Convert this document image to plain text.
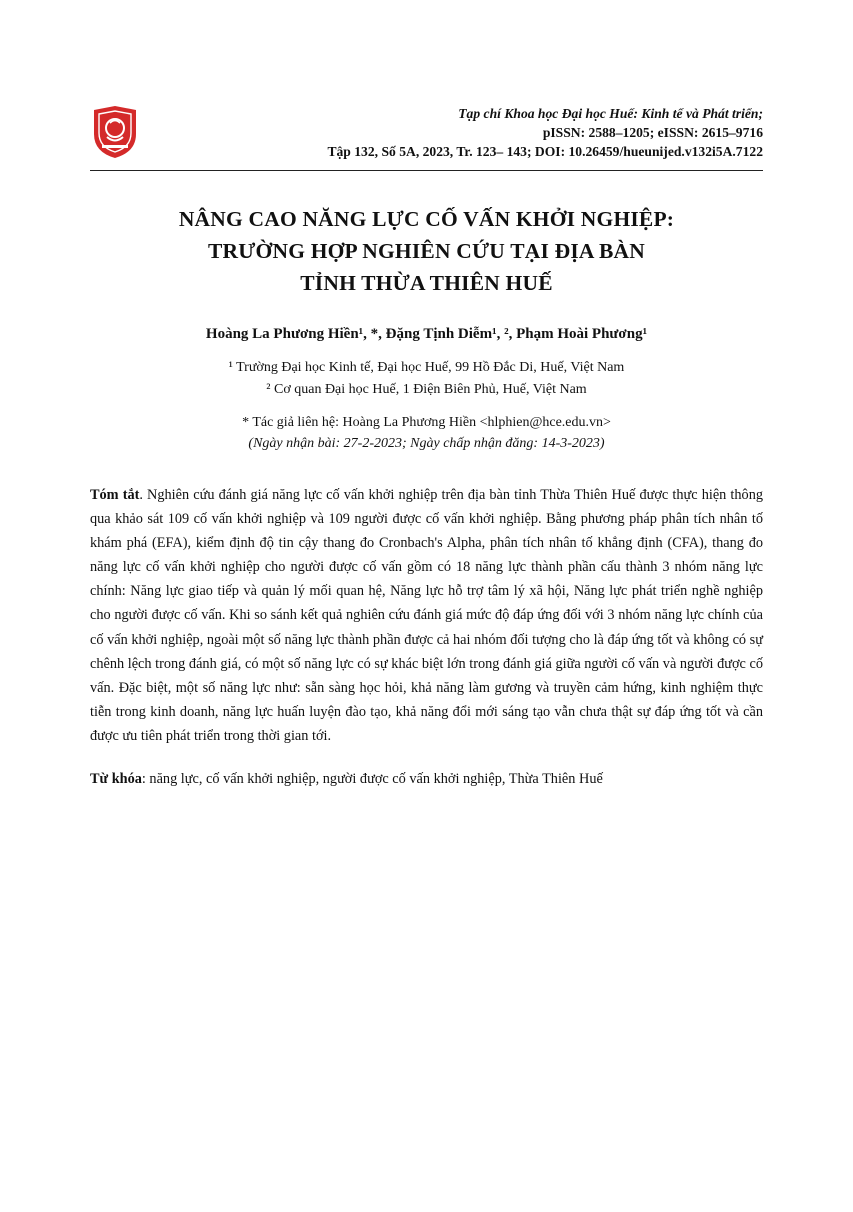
Tạp chí Khoa học Đại học Huế: Kinh tế và Phát triển;
pISSN: 2588–1205; eISSN: 2615–9716
Tập 132, Số 5A, 2023, Tr. 123– 143; DOI: 10.26459/hueunijed.v132i5A.7122
NÂNG CAO NĂNG LỰC CỐ VẤN KHỞI NGHIỆP:
TRƯỜNG HỢP NGHIÊN CỨU TẠI ĐỊA BÀN
TỈNH THỪA THIÊN HUẾ
Hoàng La Phương Hiền¹, *, Đặng Tịnh Diễm¹, ², Phạm Hoài Phương¹
¹ Trường Đại học Kinh tế, Đại học Huế, 99 Hồ Đắc Di, Huế, Việt Nam
² Cơ quan Đại học Huế, 1 Điện Biên Phủ, Huế, Việt Nam
* Tác giả liên hệ: Hoàng La Phương Hiền <hlphien@hce.edu.vn>
(Ngày nhận bài: 27-2-2023; Ngày chấp nhận đăng: 14-3-2023)
Tóm tắt. Nghiên cứu đánh giá năng lực cố vấn khởi nghiệp trên địa bàn tỉnh Thừa Thiên Huế được thực hiện thông qua khảo sát 109 cố vấn khởi nghiệp và 109 người được cố vấn khởi nghiệp. Bằng phương pháp phân tích nhân tố khám phá (EFA), kiểm định độ tin cậy thang đo Cronbach's Alpha, phân tích nhân tố khẳng định (CFA), thang đo năng lực cố vấn khởi nghiệp cho người được cố vấn gồm có 18 năng lực thành phần cấu thành 3 nhóm năng lực chính: Năng lực giao tiếp và quản lý mối quan hệ, Năng lực hỗ trợ tâm lý xã hội, Năng lực phát triển nghề nghiệp cho người được cố vấn. Khi so sánh kết quả nghiên cứu đánh giá mức độ đáp ứng đối với 3 nhóm năng lực chính của cố vấn khởi nghiệp, ngoài một số năng lực thành phần được cả hai nhóm đối tượng cho là đáp ứng tốt và không có sự chênh lệch trong đánh giá, có một số năng lực có sự khác biệt lớn trong đánh giá giữa người cố vấn và người được cố vấn. Đặc biệt, một số năng lực như: sẵn sàng học hỏi, khả năng làm gương và truyền cảm hứng, kinh nghiệm thực tiễn trong kinh doanh, năng lực huấn luyện đào tạo, khả năng đổi mới sáng tạo vẫn chưa thật sự đáp ứng tốt và cần được ưu tiên phát triển trong thời gian tới.
Từ khóa: năng lực, cố vấn khởi nghiệp, người được cố vấn khởi nghiệp, Thừa Thiên Huế
